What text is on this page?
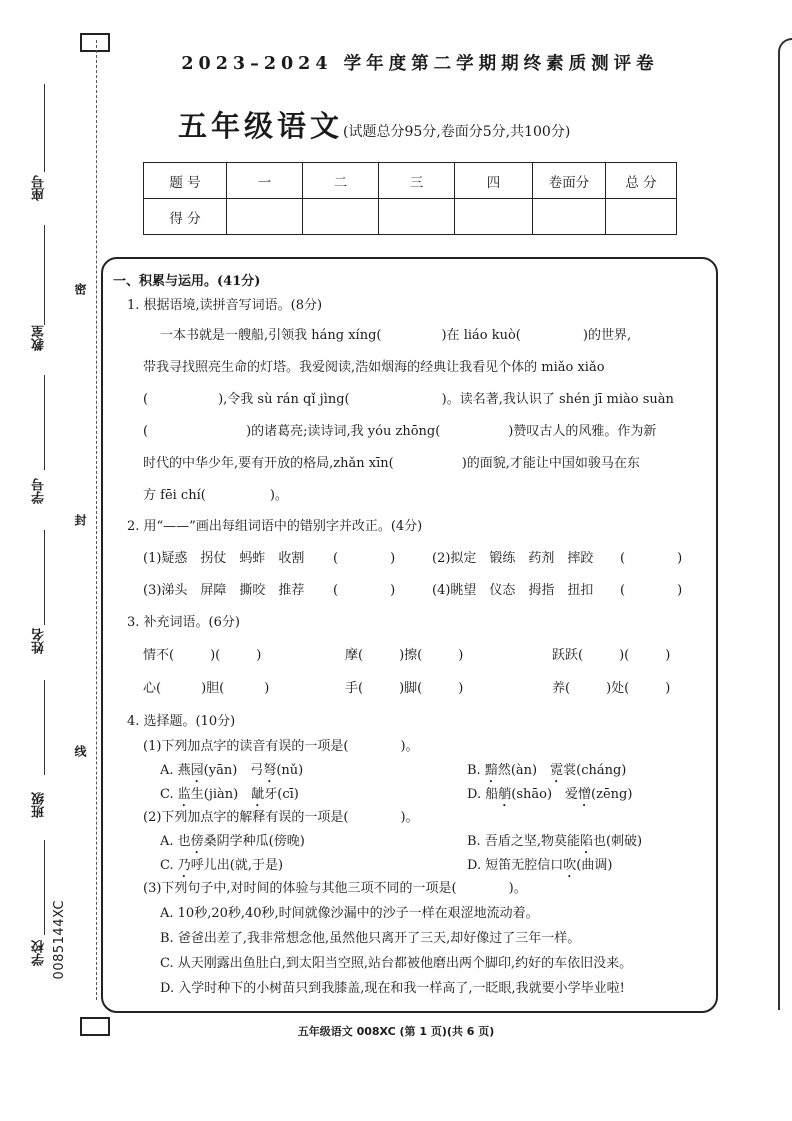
座号
教室
学号
姓名
班级
学校
密
封
线
0085144XC
2023–2024 学年度第二学期期终素质测评卷
五年级语文(试题总分95分,卷面分5分,共100分)
题 号	一	二	三	四	卷面分	总 分
得 分						
一、积累与运用。(41分)
1. 根据语境,读拼音写词语。(8分)
一本书就是一艘船,引领我 háng xíng(	)在 liáo kuò(	)的世界,
带我寻找照亮生命的灯塔。我爱阅读,浩如烟海的经典让我看见个体的 miǎo xiǎo
(	),令我 sù rán qǐ jìng(	)。读名著,我认识了 shén jī miào suàn
(	)的诸葛亮;读诗词,我 yóu zhōng(	)赞叹古人的风雅。作为新
时代的中华少年,要有开放的格局,zhǎn xīn(	)的面貌,才能让中国如骏马在东
方 fēi chí(	)。
2. 用“——”画出每组词语中的错别字并改正。(4分)
(1)疑惑　拐仗　蚂蚱　收割 (　　　　)	(2)拟定　锻练　药剂　摔跤 (　　　　)
(3)涕头　屏障　撕咬　推荐 (　　　　)	(4)眺望　仪态　拇指　扭扣 (　　　　)
3. 补充词语。(6分)
情不(	)(	)	摩(	)擦(	)	跃跃(	)(	)
心(	)胆(	)	手(	)脚(	)	养(	)处(	)
4. 选择题。(10分)
(1)下列加点字的读音有误的一项是(　　　　)。
A. 燕园(yān)　弓弩(nǔ)	B. 黯然(àn)　霓裳(cháng)
C. 监生(jiàn)　龇牙(cī)	D. 船艄(shāo)　爱憎(zēng)
(2)下列加点字的解释有误的一项是(　　　　)。
A. 也傍桑阴学种瓜(傍晚)	B. 吾盾之坚,物莫能陷也(刺破)
C. 乃呼儿出(就,于是)	D. 短笛无腔信口吹(曲调)
(3)下列句子中,对时间的体验与其他三项不同的一项是(　　　　)。
A. 10秒,20秒,40秒,时间就像沙漏中的沙子一样在艰涩地流动着。
B. 爸爸出差了,我非常想念他,虽然他只离开了三天,却好像过了三年一样。
C. 从天刚露出鱼肚白,到太阳当空照,站台都被他磨出两个脚印,约好的车依旧没来。
D. 入学时种下的小树苗只到我膝盖,现在和我一样高了,一眨眼,我就要小学毕业啦!
五年级语文 008XC (第 1 页)(共 6 页)
